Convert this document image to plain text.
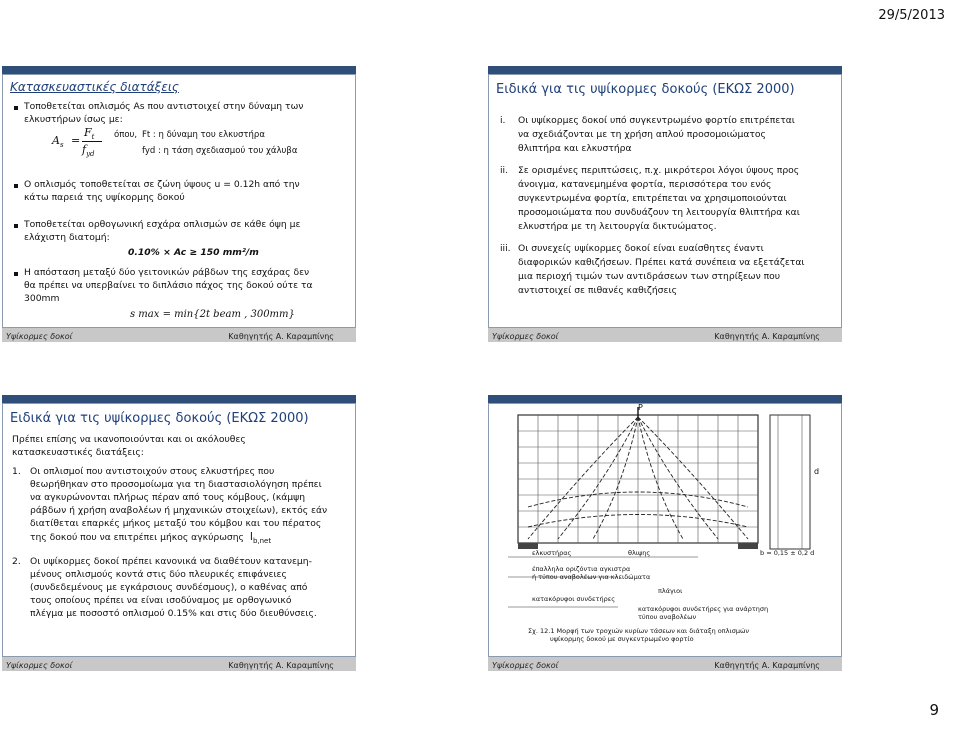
29/5/2013
Κατασκευαστικές διατάξεις
Τοποθετείται οπλισμός As που αντιστοιχεί στην δύναμη των
ελκυστήρων ίσως με:
$A_s$ =
$F_t$
$f_{yd}$
όπου, Ft : η δύναμη του ελκυστήρα
fyd : η τάση σχεδιασμού του χάλυβα
Ο οπλισμός τοποθετείται σε ζώνη ύψους u = 0.12h από την
κάτω παρειά της υψίκορμης δοκού
Τοποθετείται ορθογωνική εσχάρα οπλισμών σε κάθε όψη με
ελάχιστη διατομή:
0.10% × Ac ≥ 150 mm²/m
Η απόσταση μεταξύ δύο γειτονικών ράβδων της εσχάρας δεν
θα πρέπει να υπερβαίνει το διπλάσιο πάχος της δοκού ούτε τα
300mm
s max = min{2t beam , 300mm}
Υψίκορμες δοκοί	Καθηγητής Α. Καραμπίνης
Ειδικά για τις υψίκορμες δοκούς (ΕΚΩΣ 2000)
i. Οι υψίκορμες δοκοί υπό συγκεντρωμένο φορτίο επιτρέπεται
να σχεδιάζονται με τη χρήση απλού προσομοιώματος
θλιπτήρα και ελκυστήρα
ii. Σε ορισμένες περιπτώσεις, π.χ. μικρότεροι λόγοι ύψους προς
άνοιγμα, κατανεμημένα φορτία, περισσότερα του ενός
συγκεντρωμένα φορτία, επιτρέπεται να χρησιμοποιούνται
προσομοιώματα που συνδυάζουν τη λειτουργία θλιπτήρα και
ελκυστήρα με τη λειτουργία δικτυώματος.
iii. Οι συνεχείς υψίκορμες δοκοί είναι ευαίσθητες έναντι
διαφορικών καθιζήσεων. Πρέπει κατά συνέπεια να εξετάζεται
μια περιοχή τιμών των αντιδράσεων των στηρίξεων που
αντιστοιχεί σε πιθανές καθιζήσεις
Υψίκορμες δοκοί	Καθηγητής Α. Καραμπίνης
Ειδικά για τις υψίκορμες δοκούς (ΕΚΩΣ 2000)
Πρέπει επίσης να ικανοποιούνται και οι ακόλουθες
κατασκευαστικές διατάξεις:
1. Οι οπλισμοί που αντιστοιχούν στους ελκυστήρες που
θεωρήθηκαν στο προσομοίωμα για τη διαστασιολόγηση πρέπει
να αγκυρώνονται πλήρως πέραν από τους κόμβους, (κάμψη
ράβδων ή χρήση αναβολέων ή μηχανικών στοιχείων), εκτός εάν
διατίθεται επαρκές μήκος μεταξύ του κόμβου και του πέρατος
της δοκού που να επιτρέπει μήκος αγκύρωσης $l_{b,net}$
2. Οι υψίκορμες δοκοί πρέπει κανονικά να διαθέτουν κατανεμη-
μένους οπλισμούς κοντά στις δύο πλευρικές επιφάνειες
(συνδεδεμένους με εγκάρσιους συνδέσμους), ο καθένας από
τους οποίους πρέπει να είναι ισοδύναμος με ορθογωνικό
πλέγμα με ποσοστό οπλισμού 0.15% και στις δύο διευθύνσεις.
Υψίκορμες δοκοί	Καθηγητής Α. Καραμπίνης
P
d
ελκυστήρας	θλιψης	b = 0,15 ± 0,2 d
έπαλληλα οριζόντια αγκιστρα
ή τύπου αναβολέων για κλειδώματα
κατακόρυφοι συνδετήρες
πλάγιοι
κατακόρυφοι συνδετήρες για ανάρτηση
τύπου αναβολέων
Σχ. 12.1 Μορφή των τροχιών κυρίων τάσεων και διάταξη οπλισμών
υψίκορμης δοκού με συγκεντρωμένο φορτίο
Υψίκορμες δοκοί	Καθηγητής Α. Καραμπίνης
9
